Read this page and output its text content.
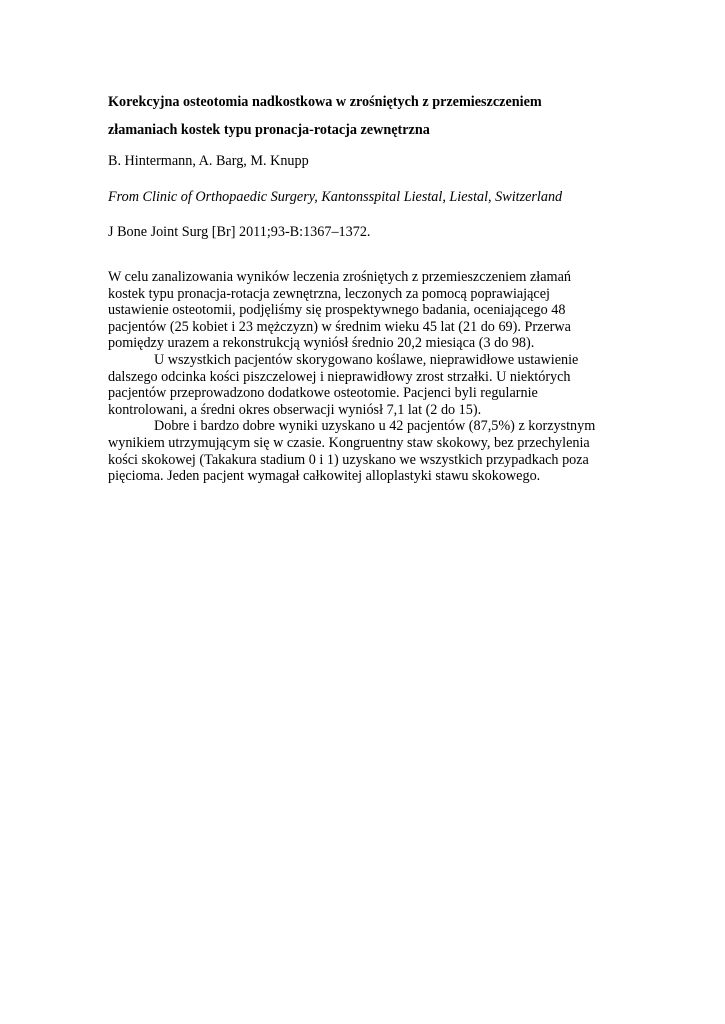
Korekcyjna osteotomia nadkostkowa w zrośniętych z przemieszczeniem
złamaniach kostek typu pronacja-rotacja zewnętrzna

B. Hintermann, A. Barg, M. Knupp

From Clinic of Orthopaedic Surgery, Kantonsspital Liestal, Liestal, Switzerland

J Bone Joint Surg [Br] 2011;93-B:1367–1372.

W celu zanalizowania wyników leczenia zrośniętych z przemieszczeniem złamań
kostek typu pronacja-rotacja zewnętrzna, leczonych za pomocą poprawiającej
ustawienie osteotomii, podjęliśmy się prospektywnego badania, oceniającego 48
pacjentów (25 kobiet i 23 mężczyzn) w średnim wieku 45 lat (21 do 69). Przerwa
pomiędzy urazem a rekonstrukcją wyniósł średnio 20,2 miesiąca (3 do 98).
U wszystkich pacjentów skorygowano koślawe, nieprawidłowe ustawienie
dalszego odcinka kości piszczelowej i nieprawidłowy zrost strzałki. U niektórych
pacjentów przeprowadzono dodatkowe osteotomie. Pacjenci byli regularnie
kontrolowani, a średni okres obserwacji wyniósł 7,1 lat (2 do 15).
Dobre i bardzo dobre wyniki uzyskano u 42 pacjentów (87,5%) z korzystnym
wynikiem utrzymującym się w czasie. Kongruentny staw skokowy, bez przechylenia
kości skokowej (Takakura stadium 0 i 1) uzyskano we wszystkich przypadkach poza
pięcioma. Jeden pacjent wymagał całkowitej alloplastyki stawu skokowego.
